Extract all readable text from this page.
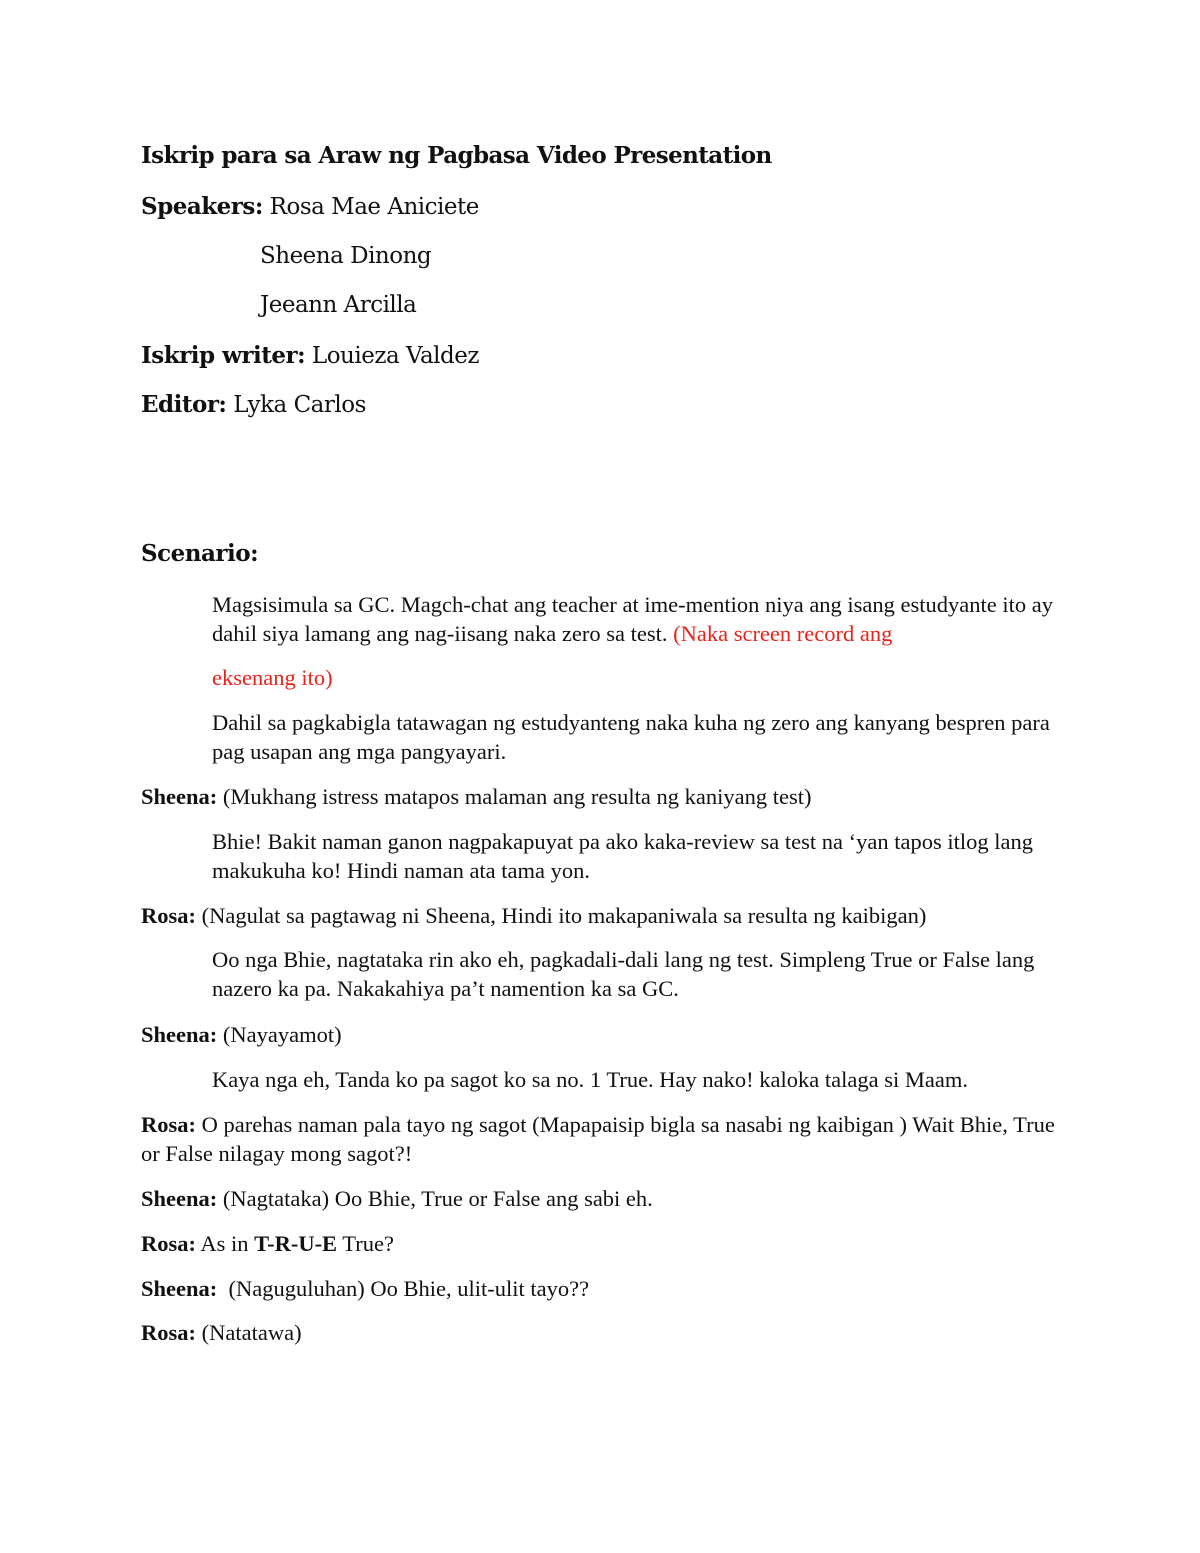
Iskrip para sa Araw ng Pagbasa Video Presentation
Speakers: Rosa Mae Aniciete
Sheena Dinong
Jeeann Arcilla
Iskrip writer: Louieza Valdez
Editor: Lyka Carlos
Scenario:
Magsisimula sa GC. Magch-chat ang teacher at ime-mention niya ang isang estudyante ito ay dahil siya lamang ang nag-iisang naka zero sa test. (Naka screen record ang
eksenang ito)
Dahil sa pagkabigla tatawagan ng estudyanteng naka kuha ng zero ang kanyang bespren para pag usapan ang mga pangyayari.
Sheena: (Mukhang istress matapos malaman ang resulta ng kaniyang test)
Bhie! Bakit naman ganon nagpakapuyat pa ako kaka-review sa test na ‘yan tapos itlog lang makukuha ko! Hindi naman ata tama yon.
Rosa: (Nagulat sa pagtawag ni Sheena, Hindi ito makapaniwala sa resulta ng kaibigan)
Oo nga Bhie, nagtataka rin ako eh, pagkadali-dali lang ng test. Simpleng True or False lang nazero ka pa. Nakakahiya pa’t namention ka sa GC.
Sheena: (Nayayamot)
Kaya nga eh, Tanda ko pa sagot ko sa no. 1 True. Hay nako! kaloka talaga si Maam.
Rosa: O parehas naman pala tayo ng sagot (Mapapaisip bigla sa nasabi ng kaibigan ) Wait Bhie, True or False nilagay mong sagot?!
Sheena: (Nagtataka) Oo Bhie, True or False ang sabi eh.
Rosa: As in T-R-U-E True?
Sheena:  (Naguguluhan) Oo Bhie, ulit-ulit tayo??
Rosa: (Natatawa)
